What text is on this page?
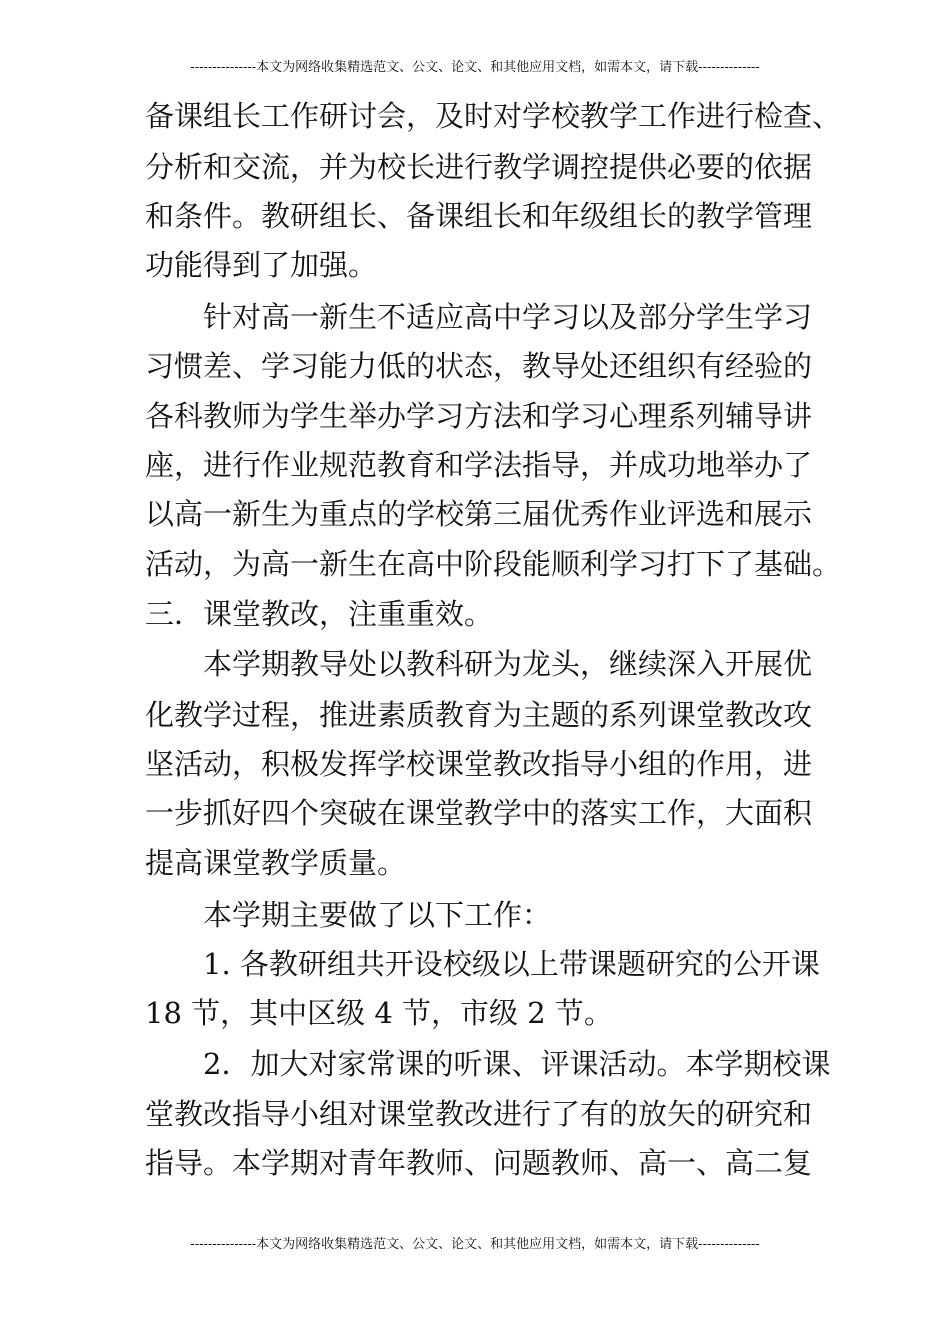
---------------本文为网络收集精选范文、公文、论文、和其他应用文档，如需本文，请下载--------------
备课组长工作研讨会，及时对学校教学工作进行检查、
分析和交流，并为校长进行教学调控提供必要的依据
和条件。教研组长、备课组长和年级组长的教学管理
功能得到了加强。
针对高一新生不适应高中学习以及部分学生学习
习惯差、学习能力低的状态，教导处还组织有经验的
各科教师为学生举办学习方法和学习心理系列辅导讲
座，进行作业规范教育和学法指导，并成功地举办了
以高一新生为重点的学校第三届优秀作业评选和展示
活动，为高一新生在高中阶段能顺利学习打下了基础。
三．课堂教改，注重重效。
本学期教导处以教科研为龙头，继续深入开展优
化教学过程，推进素质教育为主题的系列课堂教改攻
坚活动，积极发挥学校课堂教改指导小组的作用，进
一步抓好四个突破在课堂教学中的落实工作，大面积
提高课堂教学质量。
本学期主要做了以下工作：
1. 各教研组共开设校级以上带课题研究的公开课
18 节，其中区级 4 节，市级 2 节。
2．加大对家常课的听课、评课活动。本学期校课
堂教改指导小组对课堂教改进行了有的放矢的研究和
指导。本学期对青年教师、问题教师、高一、高二复
---------------本文为网络收集精选范文、公文、论文、和其他应用文档，如需本文，请下载--------------
